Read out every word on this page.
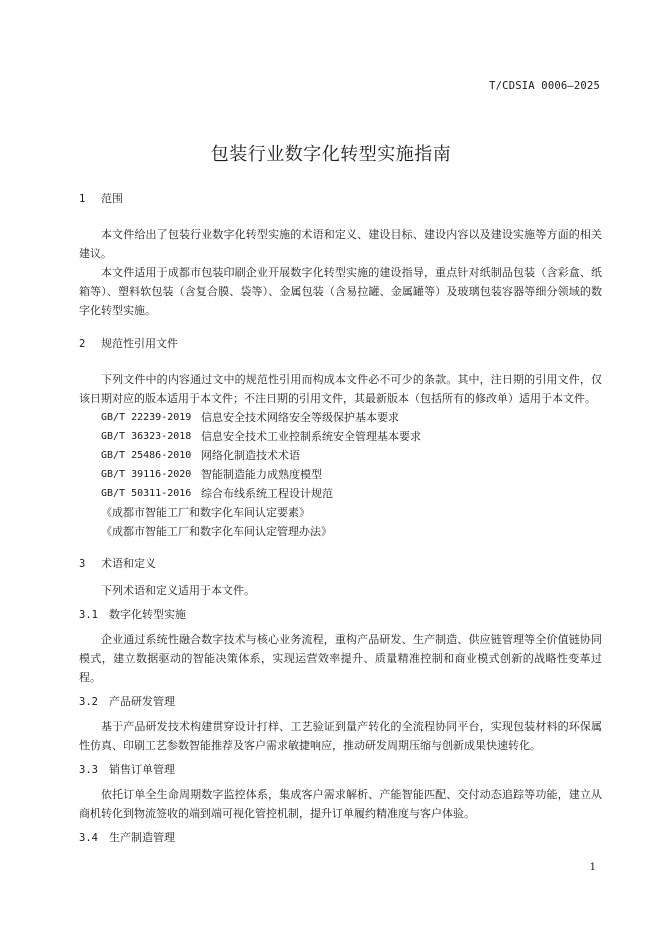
T/CDSIA 0006—2025
包装行业数字化转型实施指南
1	范围

本文件给出了包装行业数字化转型实施的术语和定义、建设目标、建设内容以及建设实施等方面的相关建议。

本文件适用于成都市包装印刷企业开展数字化转型实施的建设指导，重点针对纸制品包装（含彩盒、纸箱等）、塑料软包装（含复合膜、袋等）、金属包装（含易拉罐、金属罐等）及玻璃包装容器等细分领域的数字化转型实施。

2	规范性引用文件

下列文件中的内容通过文中的规范性引用而构成本文件必不可少的条款。其中，注日期的引用文件，仅该日期对应的版本适用于本文件；不注日期的引用文件，其最新版本（包括所有的修改单）适用于本文件。

GB/T 22239-2019 信息安全技术网络安全等级保护基本要求
GB/T 36323-2018 信息安全技术工业控制系统安全管理基本要求
GB/T 25486-2010 网络化制造技术术语
GB/T 39116-2020 智能制造能力成熟度模型
GB/T 50311-2016 综合布线系统工程设计规范
《成都市智能工厂和数字化车间认定要素》
《成都市智能工厂和数字化车间认定管理办法》
3	术语和定义

下列术语和定义适用于本文件。

3.1	数字化转型实施

企业通过系统性融合数字技术与核心业务流程，重构产品研发、生产制造、供应链管理等全价值链协同模式，建立数据驱动的智能决策体系，实现运营效率提升、质量精准控制和商业模式创新的战略性变革过程。

3.2	产品研发管理

基于产品研发技术构建贯穿设计打样、工艺验证到量产转化的全流程协同平台，实现包装材料的环保属性仿真、印刷工艺参数智能推荐及客户需求敏捷响应，推动研发周期压缩与创新成果快速转化。

3.3	销售订单管理

依托订单全生命周期数字监控体系，集成客户需求解析、产能智能匹配、交付动态追踪等功能，建立从商机转化到物流签收的端到端可视化管控机制，提升订单履约精准度与客户体验。

3.4	生产制造管理
1
